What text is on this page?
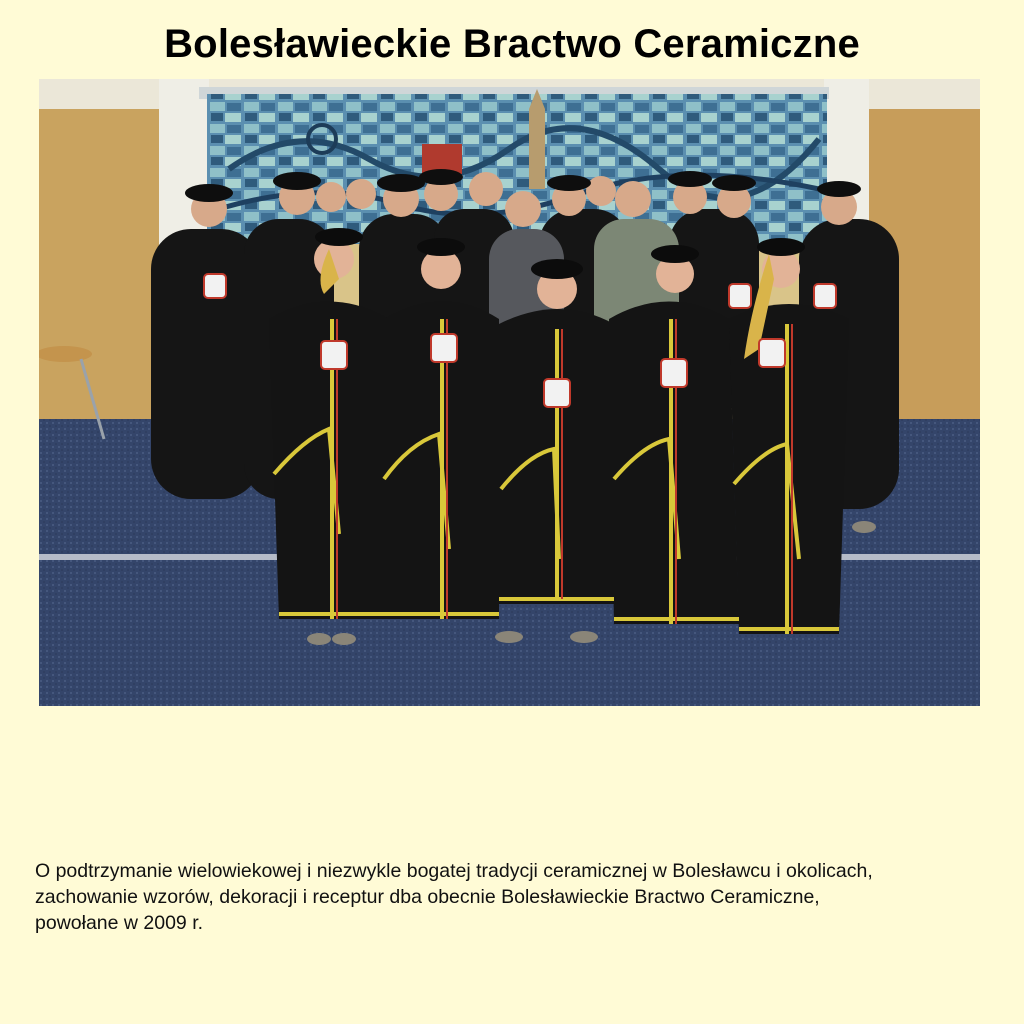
Bolesławieckie Bractwo Ceramiczne
O podtrzymanie wielowiekowej i niezwykle bogatej tradycji ceramicznej w Bolesławcu i okolicach,
zachowanie wzorów, dekoracji i receptur dba obecnie Bolesławieckie Bractwo Ceramiczne,
powołane w 2009 r.
